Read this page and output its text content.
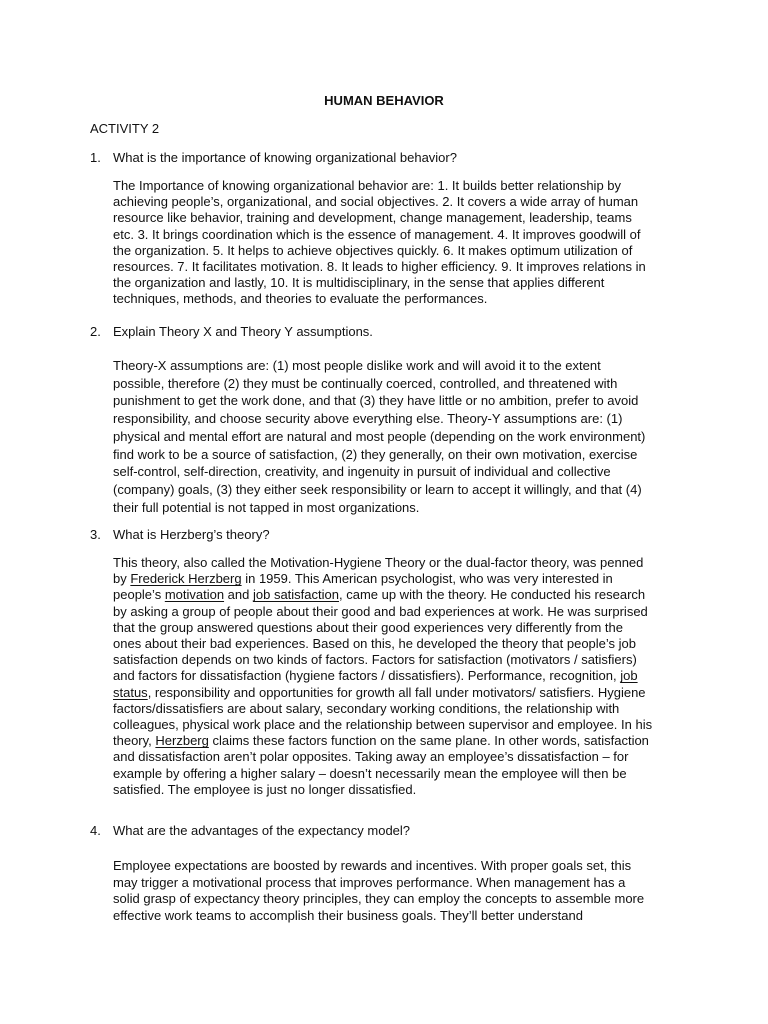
HUMAN BEHAVIOR

ACTIVITY 2

1. What is the importance of knowing organizational behavior?

The Importance of knowing organizational behavior are: 1. It builds better relationship by achieving people’s, organizational, and social objectives. 2. It covers a wide array of human resource like behavior, training and development, change management, leadership, teams etc. 3. It brings coordination which is the essence of management. 4. It improves goodwill of the organization. 5. It helps to achieve objectives quickly. 6. It makes optimum utilization of resources. 7. It facilitates motivation. 8. It leads to higher efficiency. 9. It improves relations in the organization and lastly, 10. It is multidisciplinary, in the sense that applies different techniques, methods, and theories to evaluate the performances.

2. Explain Theory X and Theory Y assumptions.

Theory-X assumptions are: (1) most people dislike work and will avoid it to the extent possible, therefore (2) they must be continually coerced, controlled, and threatened with punishment to get the work done, and that (3) they have little or no ambition, prefer to avoid responsibility, and choose security above everything else. Theory-Y assumptions are: (1) physical and mental effort are natural and most people (depending on the work environment) find work to be a source of satisfaction, (2) they generally, on their own motivation, exercise self-control, self-direction, creativity, and ingenuity in pursuit of individual and collective (company) goals, (3) they either seek responsibility or learn to accept it willingly, and that (4) their full potential is not tapped in most organizations.

3. What is Herzberg’s theory?

This theory, also called the Motivation-Hygiene Theory or the dual-factor theory, was penned by Frederick Herzberg in 1959. This American psychologist, who was very interested in people’s motivation and job satisfaction, came up with the theory. He conducted his research by asking a group of people about their good and bad experiences at work. He was surprised that the group answered questions about their good experiences very differently from the ones about their bad experiences. Based on this, he developed the theory that people’s job satisfaction depends on two kinds of factors. Factors for satisfaction (motivators / satisfiers) and factors for dissatisfaction (hygiene factors / dissatisfiers). Performance, recognition, job status, responsibility and opportunities for growth all fall under motivators/ satisfiers. Hygiene factors/dissatisfiers are about salary, secondary working conditions, the relationship with colleagues, physical work place and the relationship between supervisor and employee. In his theory, Herzberg claims these factors function on the same plane. In other words, satisfaction and dissatisfaction aren’t polar opposites. Taking away an employee’s dissatisfaction – for example by offering a higher salary – doesn’t necessarily mean the employee will then be satisfied. The employee is just no longer dissatisfied.

4. What are the advantages of the expectancy model?

Employee expectations are boosted by rewards and incentives. With proper goals set, this may trigger a motivational process that improves performance. When management has a solid grasp of expectancy theory principles, they can employ the concepts to assemble more effective work teams to accomplish their business goals. They’ll better understand
